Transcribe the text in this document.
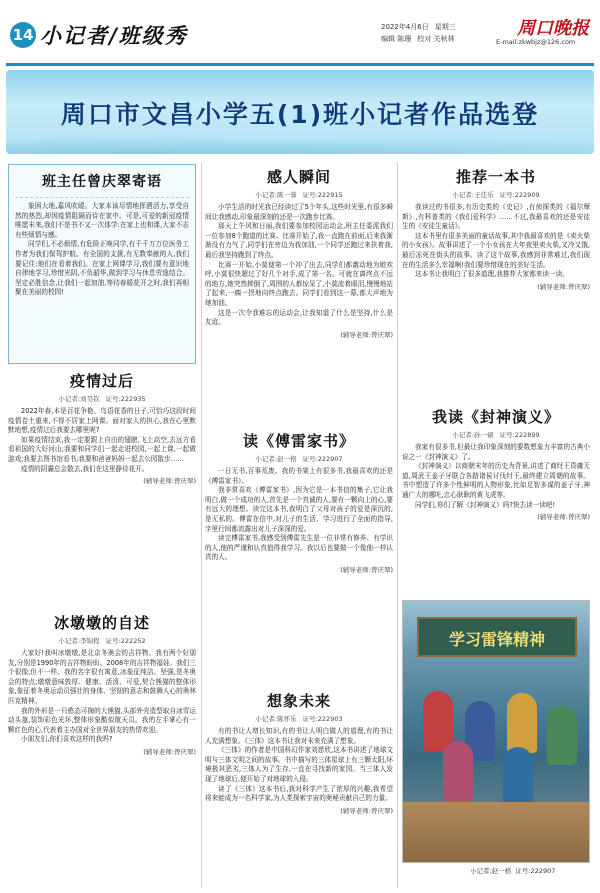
14 小记者/班级秀	2022年4月6日 星期三
编辑 陈珊 校对 关秋林	周口晚报
E-mail:zkwbjz@126.com
周口市文昌小学五(1)班小记者作品选登
班主任曾庆翠寄语

象困大地,嘉风吹暖。大家本该尽情地挥洒活力,享受自然的热烈,却因疫情阻隔而待在家中。可是,可爱的新冠疫情唯愿未来,我们不是书不又一次体学:在家上也和课,大家不志有些烦情与感。

同学们,不必烦情,有危险正唤同学,有千千万万位医务工作者为我们保驾护航。有全国的支援,有无数奉献的人,我们要记住:他们在看着我们。在家上网课学习,我们要有意识地自律地学习,珍惜光阴,不负韶华,做到学习与休息劳逸结合。坚定必胜信念,让我们一起加油,等待春暖花开之时,我们再相聚在美丽的校园!

疫情过后
小记者:刘昊钦 证号:222935

2022年春,本是百花争艳、鸟语花香的日子,可恰巧这段时间疫情卷土重来,不得不居家上网课。面对家人的担心,我在心里默默地想,疫情过后我要去哪里呢?

如果疫情结束,我一定要跟上自由的翅膀,飞上高空,去远方看看祖国的大好河山;我要和同学们一起走进校园,一起上课,一起做游戏;我要去图书馆看书;我要和爸爸妈妈一起去公园散步……

疫情的阴霾总会散去,我们在这里静待花开。

(辅导老师:曾庆翠)
冰墩墩的自述
小记者:李锦程 证号:222252

大家好!我叫冰墩墩,是北京冬奥会的吉祥物。我有两个好朋友,分别是1990年的吉祥物盼盼、2008年的吉祥物福娃。我们三个很像,但不一样。我的名字很有寓意,冰象征纯洁、坚强,是冬奥会的特点;墩墩意味敦厚、健康、活泼、可爱,契合熊猫的整体形象,象征着冬奥运动员强壮的身体、坚韧的意志和鼓舞人心的奥林匹克精神。

我的外形是一只憨态可掬的大熊猫,头部外壳造型取自冰雪运动头盔,装饰彩色光环,整体形象酷似航天员。我的左手掌心有一颗红色的心,代表着主办国对全世界朋友的热情欢迎。

小朋友们,你们喜欢这样的我吗?

(辅导老师:曾庆翠)
感人瞬间
小记者:陈一蓉 证号:222915

小学生活的时光我已经读过了5个年头,这些时光里,有很多瞬间让我感动,印象最深刻的还是一次跑步比赛。

那天上午风和日丽,我们要参加校园运动会,班主任委派我们一位参加8个跑道的比赛。比赛开始了,我一直跑在前面,后来我渐渐没有力气了,同学们在旁边为我加油,一个同学还跑过来扶着我,最后我坚持跑到了终点。

比赛一开始,小莫便第一个冲了出去,同学们都激动地为她欢呼,小莫很快超过了好几个对手,成了第一名。可就在离终点不远的地方,她突然摔倒了,周围的人都惊呆了,小莫流着眼泪,慢慢地站了起来,一瘸一拐地向终点跑去。同学们看到这一幕,都大声地为她加油。

这是一次令我难忘的运动会,让我知道了什么是坚持,什么是友谊。

(辅导老师:曾庆翠)
读《傅雷家书》
小记者:赵一格 证号:222907

一日无书,百事荒废。我的书架上有很多书,我最喜欢的还是《傅雷家书》。

我非常喜欢《傅雷家书》,因为它是一本书信的集子,它让我明白,做一个成功的人,首先是一个真诚的人,要有一颗向上的心,要有远大的理想。读完这本书,我明白了父母对孩子的爱是深沉的,是无私的。傅雷在信中,对儿子的生活、学习进行了全面的指导,字里行间都流露出对儿子深深的爱。

读完傅雷家书,我感受到傅雷先生是一位非常有修养、有学识的人,他的严谨和认真值得我学习。我以后也要做一个像他一样认真的人。

(辅导老师:曾庆翠)
想象未来
小记者:陈怀乐 证号:222903

有的书让人增长知识,有的书让人明白做人的道理,有的书让人充满想象。《三体》这本书让我对未来充满了想象。

《三体》的作者是中国科幻作家刘慈欣,这本书讲述了地球文明与三体文明之间的故事。书中描写的三体星球上有三颗太阳,环境极其恶劣,三体人为了生存,一直在寻找新的家园。当三体人发现了地球后,便开始了对地球的入侵。

读了《三体》这本书后,我对科学产生了浓厚的兴趣,我希望将来能成为一名科学家,为人类探索宇宙的奥秘贡献自己的力量。

(辅导老师:曾庆翠)
推荐一本书
小记者:王佳乐 证号:222909

我读过的书很多,有历史类的《史记》,有侦探类的《福尔摩斯》,有科普类的《我们爱科学》……不过,我最喜欢的还是安徒生的《安徒生童话》。

这本书里有很多美丽的童话故事,其中我最喜欢的是《卖火柴的小女孩》。故事讲述了一个小女孩在大年夜里卖火柴,又冷又饿,最后冻死在街头的故事。读了这个故事,我感到非常难过,我们现在的生活多么幸福啊!我们要珍惜现在的美好生活。

这本书让我明白了很多道理,我推荐大家都来读一读。

(辅导老师:曾庆翠)
我读《封神演义》
小记者:孙一硕 证号:222899

我家有很多书,但最让我印象深刻的要数想象力丰富的古典小说之一《封神演义》了。

《封神演义》以商朝末年的历史为背景,讲述了商纣王昏庸无道,周武王姜子牙联合各路诸侯讨伐纣王,最终建立周朝的故事。书中塑造了许多个性鲜明的人物形象,比如足智多谋的姜子牙,神通广大的哪吒,忠心耿耿的黄飞虎等。

同学们,你们了解《封神演义》吗?快去读一读吧!

(辅导老师:曾庆翠)
学习雷锋精神
小记者:赵一格 证号:222907
